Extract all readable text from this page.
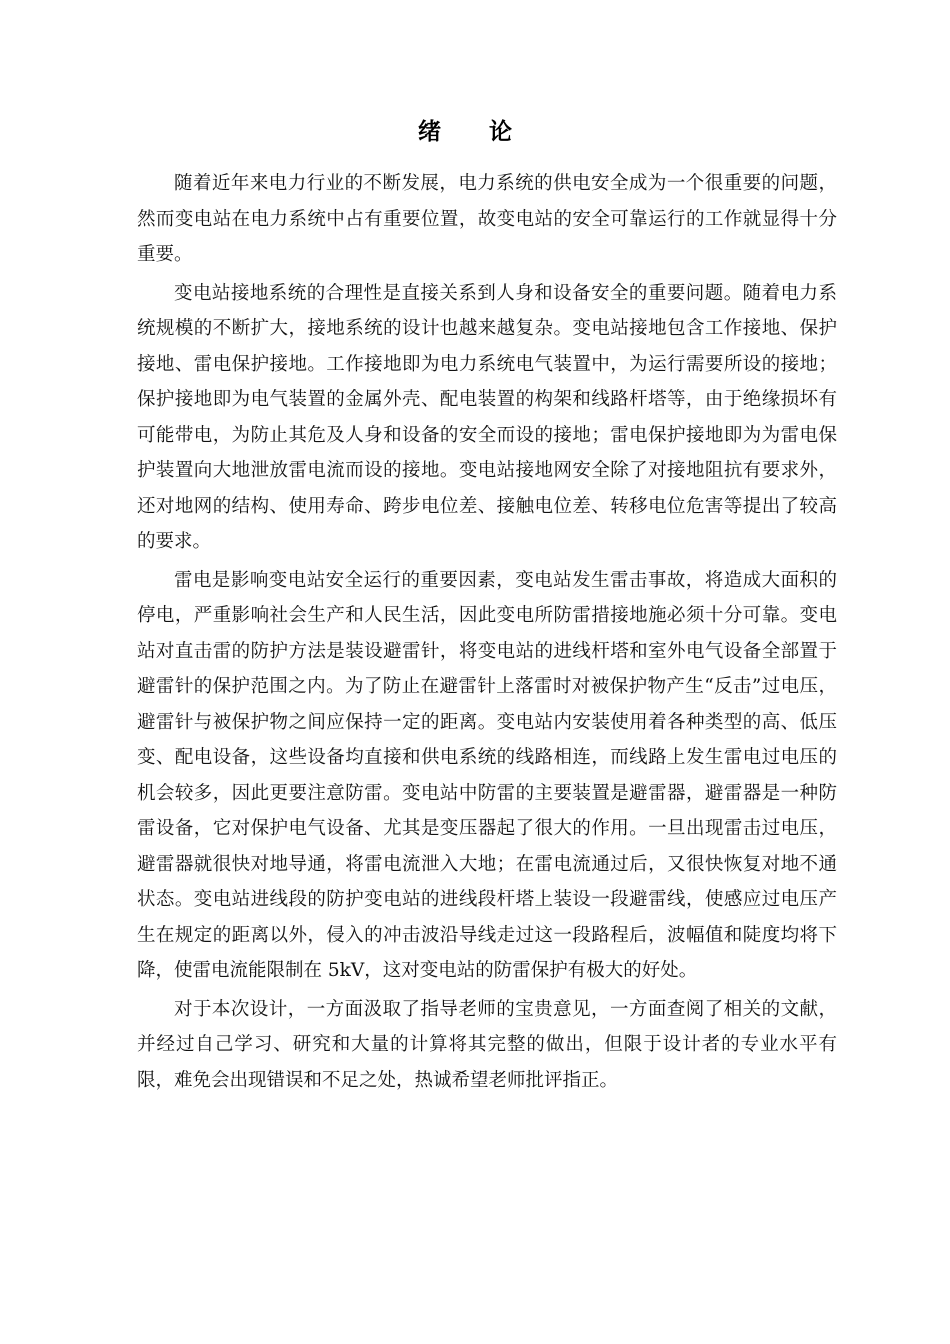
绪 论

随着近年来电力行业的不断发展，电力系统的供电安全成为一个很重要的问题，然而变电站在电力系统中占有重要位置，故变电站的安全可靠运行的工作就显得十分重要。

变电站接地系统的合理性是直接关系到人身和设备安全的重要问题。随着电力系统规模的不断扩大，接地系统的设计也越来越复杂。变电站接地包含工作接地、保护接地、雷电保护接地。工作接地即为电力系统电气装置中，为运行需要所设的接地；保护接地即为电气装置的金属外壳、配电装置的构架和线路杆塔等，由于绝缘损坏有可能带电，为防止其危及人身和设备的安全而设的接地；雷电保护接地即为为雷电保护装置向大地泄放雷电流而设的接地。变电站接地网安全除了对接地阻抗有要求外，还对地网的结构、使用寿命、跨步电位差、接触电位差、转移电位危害等提出了较高的要求。

雷电是影响变电站安全运行的重要因素，变电站发生雷击事故，将造成大面积的停电，严重影响社会生产和人民生活，因此变电所防雷措接地施必须十分可靠。变电站对直击雷的防护方法是装设避雷针，将变电站的进线杆塔和室外电气设备全部置于避雷针的保护范围之内。为了防止在避雷针上落雷时对被保护物产生“反击”过电压，避雷针与被保护物之间应保持一定的距离。变电站内安装使用着各种类型的高、低压变、配电设备，这些设备均直接和供电系统的线路相连，而线路上发生雷电过电压的机会较多，因此更要注意防雷。变电站中防雷的主要装置是避雷器，避雷器是一种防雷设备，它对保护电气设备、尤其是变压器起了很大的作用。一旦出现雷击过电压，避雷器就很快对地导通，将雷电流泄入大地；在雷电流通过后，又很快恢复对地不通状态。变电站进线段的防护变电站的进线段杆塔上装设一段避雷线，使感应过电压产生在规定的距离以外，侵入的冲击波沿导线走过这一段路程后，波幅值和陡度均将下降，使雷电流能限制在 5kV，这对变电站的防雷保护有极大的好处。

对于本次设计，一方面汲取了指导老师的宝贵意见，一方面查阅了相关的文献，并经过自己学习、研究和大量的计算将其完整的做出，但限于设计者的专业水平有限，难免会出现错误和不足之处，热诚希望老师批评指正。
